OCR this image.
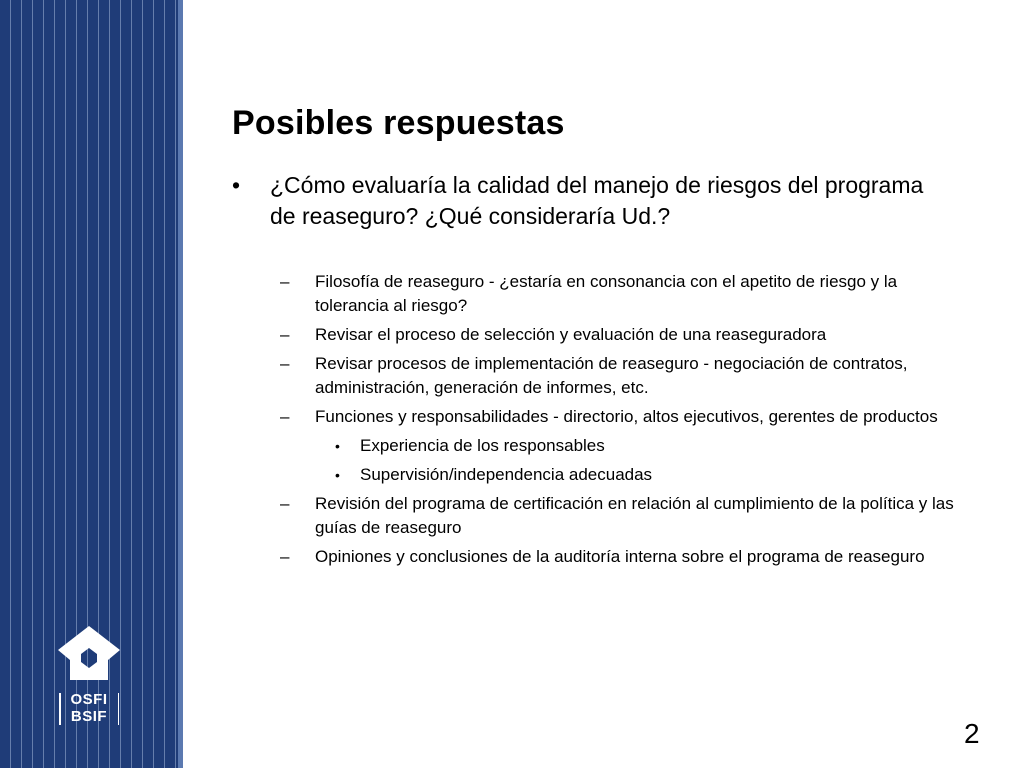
OSFI
BSIF
Posibles respuestas
• ¿Cómo evaluaría la calidad del manejo de riesgos del programa de reaseguro? ¿Qué consideraría Ud.?
– Filosofía de reaseguro - ¿estaría en consonancia con el apetito de riesgo y la tolerancia al riesgo?
– Revisar el proceso de selección y evaluación de una reaseguradora
– Revisar procesos de implementación de reaseguro - negociación de contratos, administración, generación de informes, etc.
– Funciones y responsabilidades - directorio, altos ejecutivos, gerentes de productos
• Experiencia de los responsables
• Supervisión/independencia adecuadas
– Revisión del programa de certificación en relación al cumplimiento de la política y las guías de reaseguro
– Opiniones y conclusiones de la auditoría interna sobre el programa de reaseguro
2
